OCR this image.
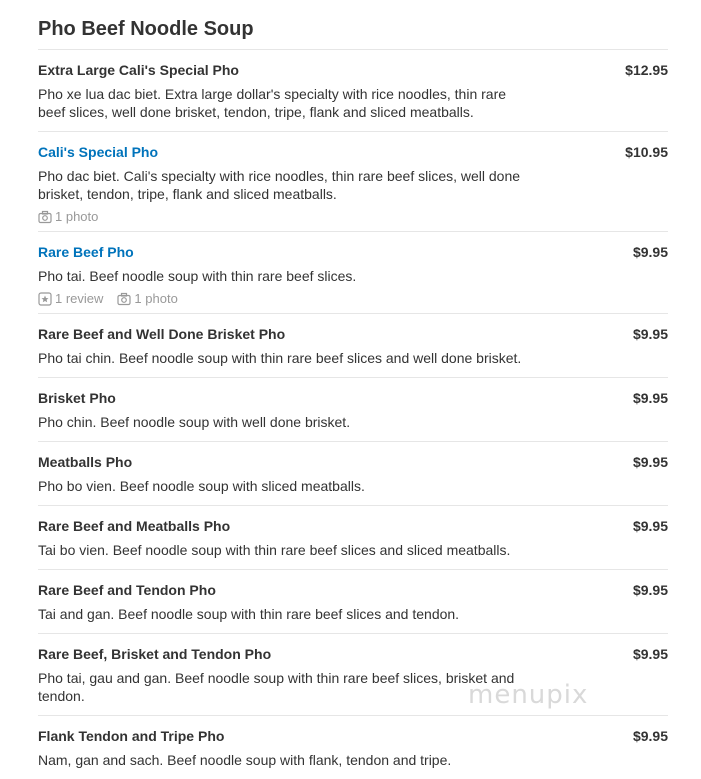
Pho Beef Noodle Soup
Extra Large Cali's Special Pho	$12.95
Pho xe lua dac biet. Extra large dollar's specialty with rice noodles, thin rare beef slices, well done brisket, tendon, tripe, flank and sliced meatballs.
Cali's Special Pho	$10.95
Pho dac biet. Cali's specialty with rice noodles, thin rare beef slices, well done brisket, tendon, tripe, flank and sliced meatballs.
1 photo
Rare Beef Pho	$9.95
Pho tai. Beef noodle soup with thin rare beef slices.
1 review 1 photo
Rare Beef and Well Done Brisket Pho	$9.95
Pho tai chin. Beef noodle soup with thin rare beef slices and well done brisket.
Brisket Pho	$9.95
Pho chin. Beef noodle soup with well done brisket.
Meatballs Pho	$9.95
Pho bo vien. Beef noodle soup with sliced meatballs.
Rare Beef and Meatballs Pho	$9.95
Tai bo vien. Beef noodle soup with thin rare beef slices and sliced meatballs.
Rare Beef and Tendon Pho	$9.95
Tai and gan. Beef noodle soup with thin rare beef slices and tendon.
Rare Beef, Brisket and Tendon Pho	$9.95
Pho tai, gau and gan. Beef noodle soup with thin rare beef slices, brisket and tendon.
Flank Tendon and Tripe Pho	$9.95
Nam, gan and sach. Beef noodle soup with flank, tendon and tripe.
menupix
